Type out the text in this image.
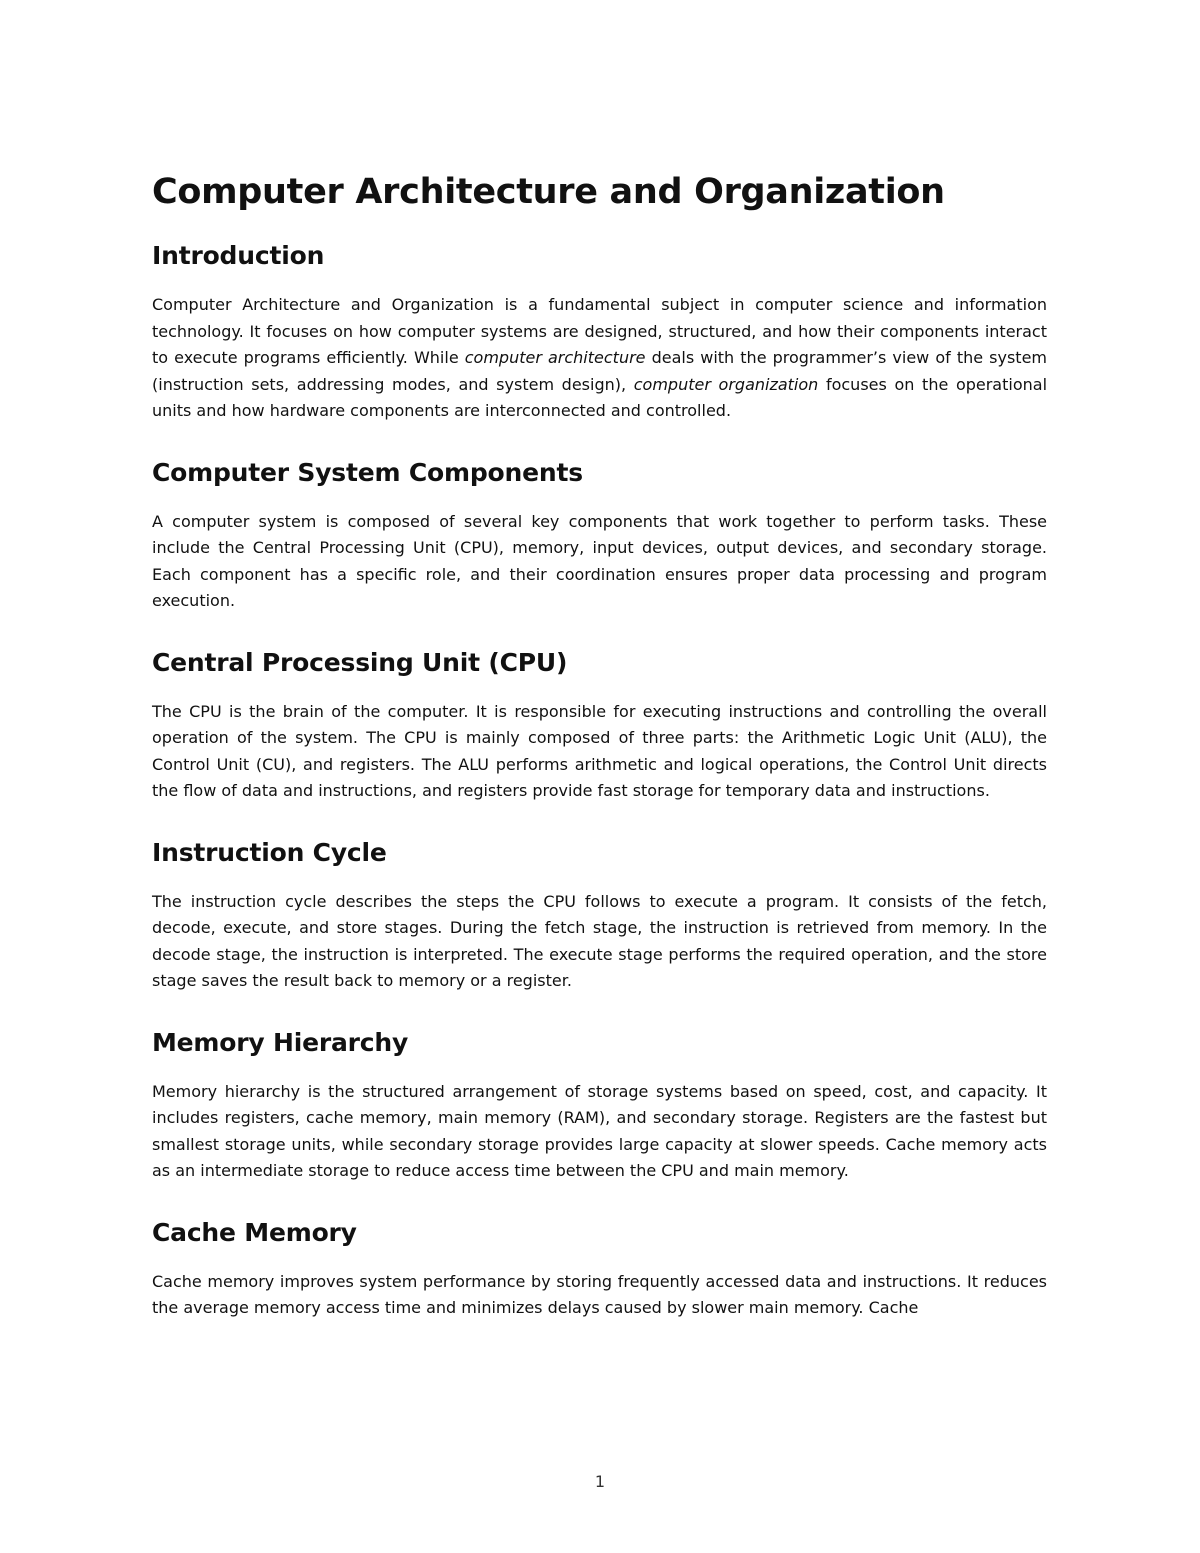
Computer Architecture and Organization
Introduction

Computer Architecture and Organization is a fundamental subject in computer science and information technology. It focuses on how computer systems are designed, structured, and how their components interact to execute programs efficiently. While computer architecture deals with the programmer’s view of the system (instruction sets, addressing modes, and system design), computer organization focuses on the operational units and how hardware components are interconnected and controlled.

Computer System Components

A computer system is composed of several key components that work together to perform tasks. These include the Central Processing Unit (CPU), memory, input devices, output devices, and secondary storage. Each component has a specific role, and their coordination ensures proper data processing and program execution.

Central Processing Unit (CPU)

The CPU is the brain of the computer. It is responsible for executing instructions and controlling the overall operation of the system. The CPU is mainly composed of three parts: the Arithmetic Logic Unit (ALU), the Control Unit (CU), and registers. The ALU performs arithmetic and logical operations, the Control Unit directs the flow of data and instructions, and registers provide fast storage for temporary data and instructions.

Instruction Cycle

The instruction cycle describes the steps the CPU follows to execute a program. It consists of the fetch, decode, execute, and store stages. During the fetch stage, the instruction is retrieved from memory. In the decode stage, the instruction is interpreted. The execute stage performs the required operation, and the store stage saves the result back to memory or a register.

Memory Hierarchy

Memory hierarchy is the structured arrangement of storage systems based on speed, cost, and capacity. It includes registers, cache memory, main memory (RAM), and secondary storage. Registers are the fastest but smallest storage units, while secondary storage provides large capacity at slower speeds. Cache memory acts as an intermediate storage to reduce access time between the CPU and main memory.

Cache Memory

Cache memory improves system performance by storing frequently accessed data and instructions. It reduces the average memory access time and minimizes delays caused by slower main memory. Cache

1
